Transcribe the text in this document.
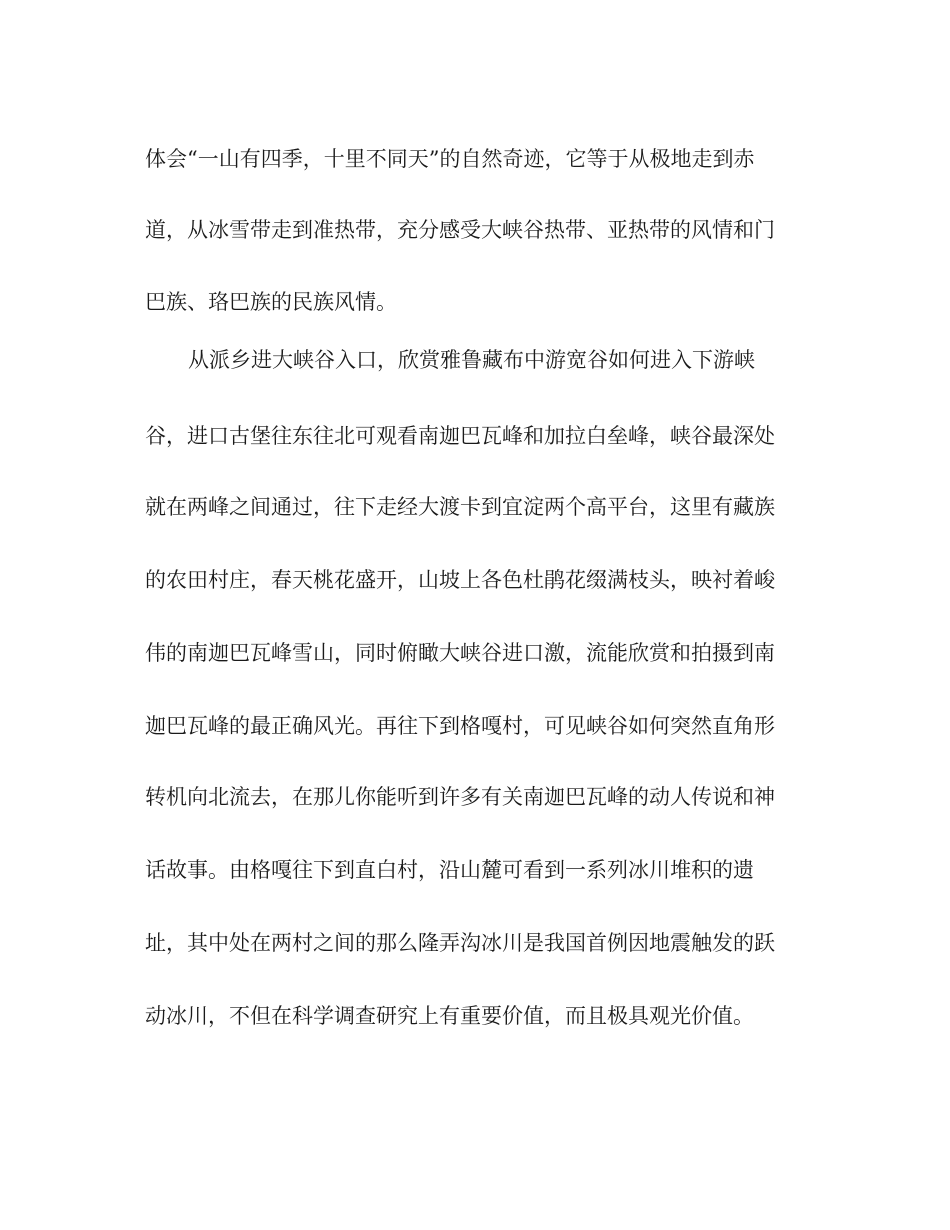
体会“一山有四季，十里不同天”的自然奇迹，它等于从极地走到赤
道，从冰雪带走到准热带，充分感受大峡谷热带、亚热带的风情和门
巴族、珞巴族的民族风情。
从派乡进大峡谷入口，欣赏雅鲁藏布中游宽谷如何进入下游峡
谷，进口古堡往东往北可观看南迦巴瓦峰和加拉白垒峰，峡谷最深处
就在两峰之间通过，往下走经大渡卡到宜淀两个高平台，这里有藏族
的农田村庄，春天桃花盛开，山坡上各色杜鹃花缀满枝头，映衬着峻
伟的南迦巴瓦峰雪山，同时俯瞰大峡谷进口激，流能欣赏和拍摄到南
迦巴瓦峰的最正确风光。再往下到格嘎村，可见峡谷如何突然直角形
转机向北流去，在那儿你能听到许多有关南迦巴瓦峰的动人传说和神
话故事。由格嘎往下到直白村，沿山麓可看到一系列冰川堆积的遗
址，其中处在两村之间的那么隆弄沟冰川是我国首例因地震触发的跃
动冰川，不但在科学调查研究上有重要价值，而且极具观光价值。
